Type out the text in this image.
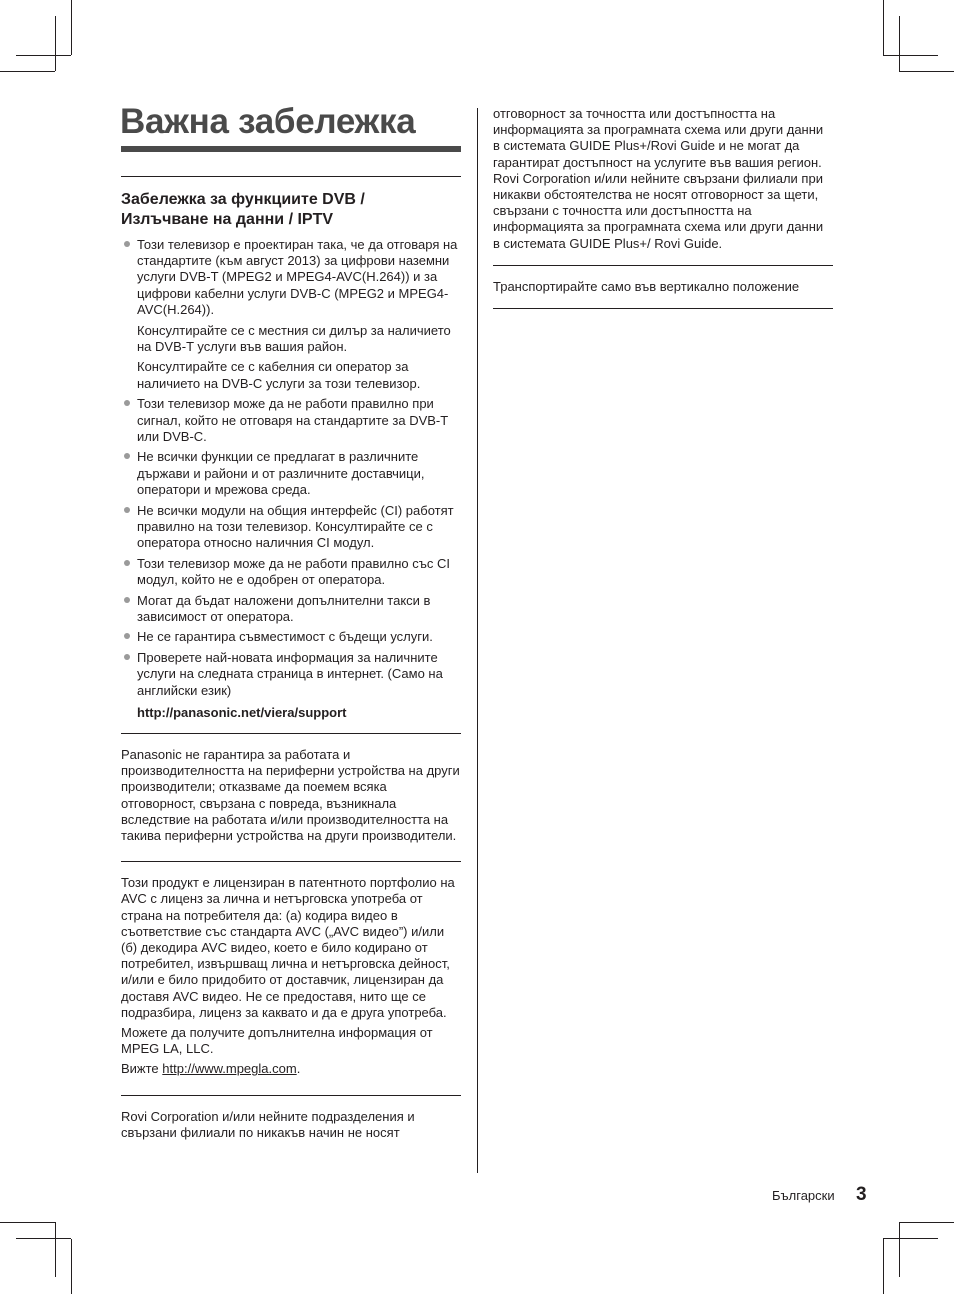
Важна забележка
Забележка за функциите DVB /
Излъчване на данни / IPTV

Този телевизор е проектиран така, че да отговаря на стандартите (към август 2013) за цифрови наземни услуги DVB-T (MPEG2 и MPEG4-AVC(H.264)) и за цифрови кабелни услуги DVB-C (MPEG2 и MPEG4-AVC(H.264)).

Консултирайте се с местния си дилър за наличието на DVB-T услуги във вашия район.

Консултирайте се с кабелния си оператор за наличието на DVB-C услуги за този телевизор.

Този телевизор може да не работи правилно при сигнал, който не отговаря на стандартите за DVB-T или DVB-C.

Не всички функции се предлагат в различните държави и райони и от различните доставчици, оператори и мрежова среда.

Не всички модули на общия интерфейс (CI) работят правилно на този телевизор. Консултирайте се с оператора относно наличния CI модул.

Този телевизор може да не работи правилно със CI модул, който не е одобрен от оператора.

Могат да бъдат наложени допълнителни такси в зависимост от оператора.

Не се гарантира съвместимост с бъдещи услуги.

Проверете най-новата информация за наличните услуги на следната страница в интернет. (Само на английски език)

http://panasonic.net/viera/support

Panasonic не гарантира за работата и производителността на периферни устройства на други производители; отказваме да поемем всяка отговорност, свързана с повреда, възникнала вследствие на работата и/или производителността на такива периферни устройства на други производители.

Този продукт е лицензиран в патентното портфолио на AVC с лиценз за лична и нетърговска употреба от страна на потребителя да: (а) кодира видео в съответствие със стандарта AVC („AVC видео”) и/или (б) декодира AVC видео, което е било кодирано от потребител, извършващ лична и нетърговска дейност, и/или е било придобито от доставчик, лицензиран да доставя AVC видео. Не се предоставя, нито ще се подразбира, лиценз за каквато и да е друга употреба.

Можете да получите допълнителна информация от MPEG LA, LLC.

Вижте http://www.mpegla.com.

Rovi Corporation и/или нейните подразделения и свързани филиали по никакъв начин не носят

отговорност за точността или достъпността на информацията за програмната схема или други данни в системата GUIDE Plus+/Rovi Guide и не могат да гарантират достъпност на услугите във вашия регион. Rovi Corporation и/или нейните свързани филиали при никакви обстоятелства не носят отговорност за щети, свързани с точността или достъпността на информацията за програмната схема или други данни в системата GUIDE Plus+/ Rovi Guide.

Транспортирайте само във вертикално положение

Български 3
